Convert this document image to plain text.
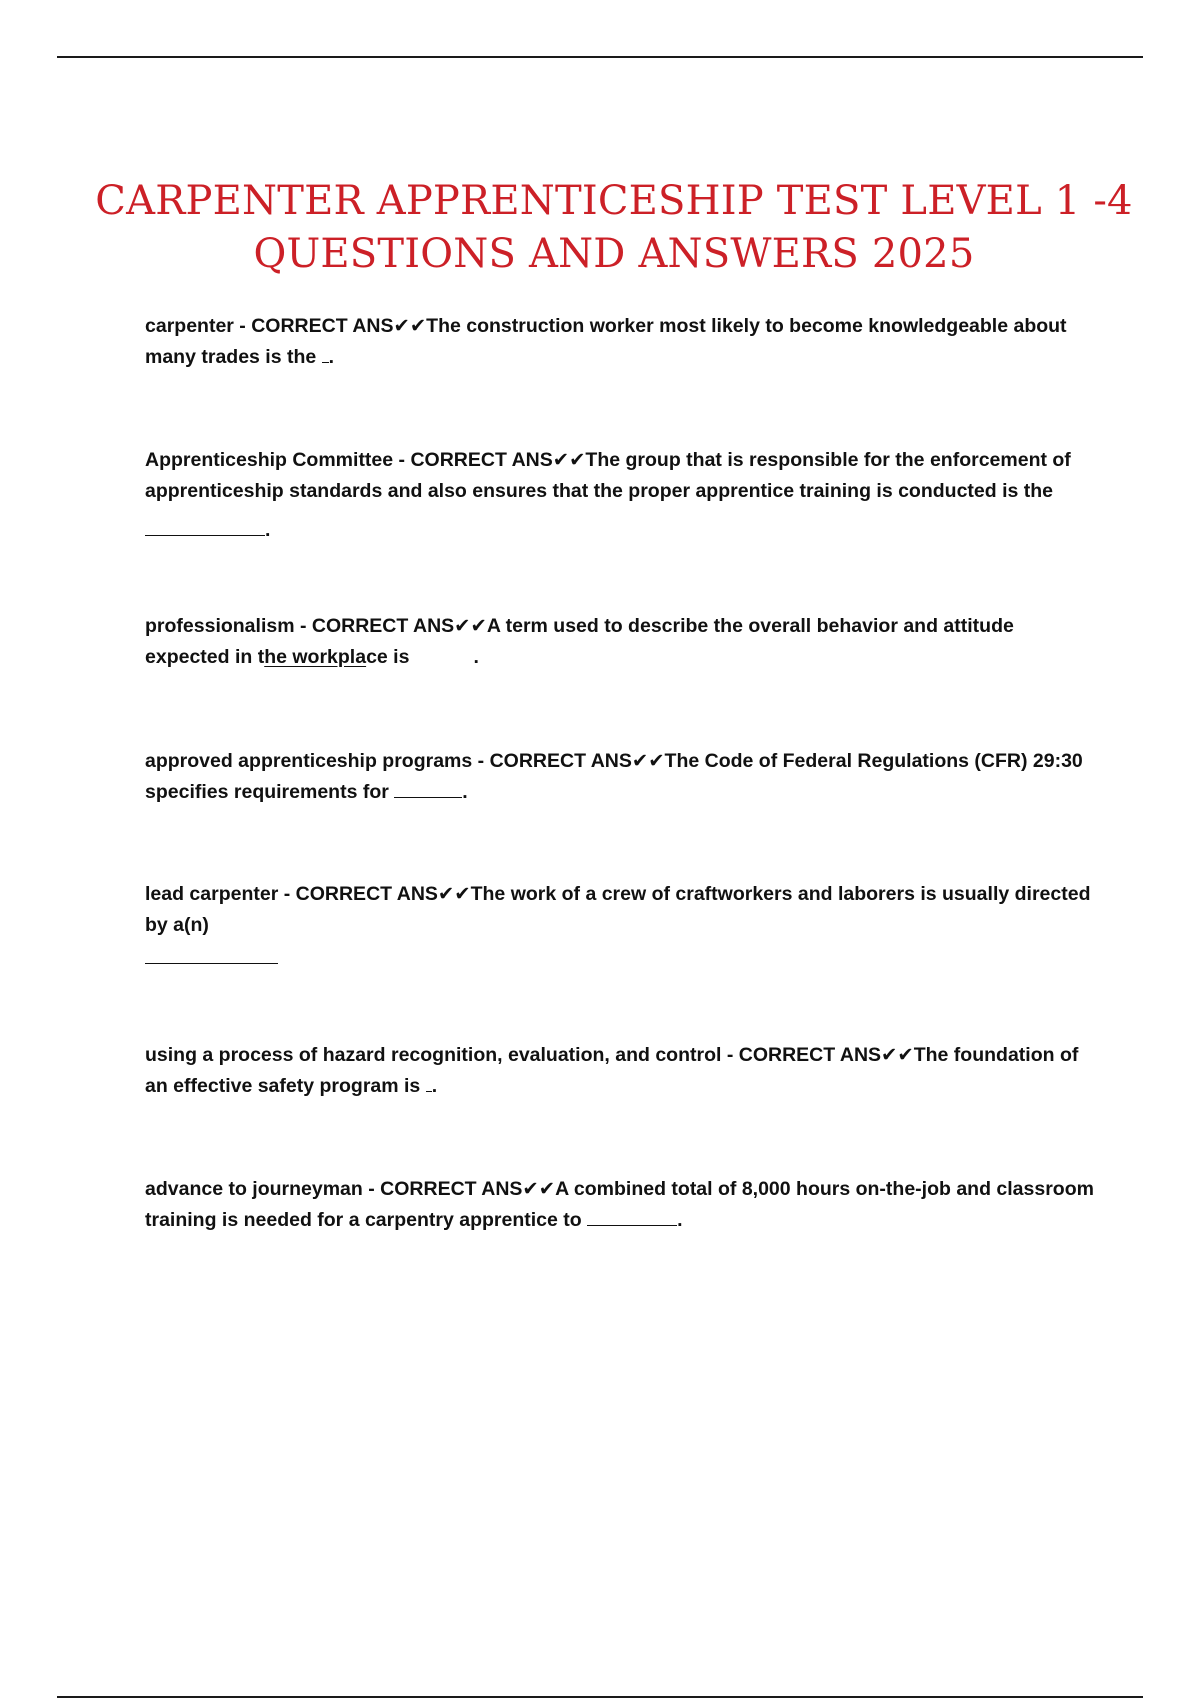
CARPENTER APPRENTICESHIP TEST LEVEL 1 -4
QUESTIONS AND ANSWERS 2025
carpenter - CORRECT ANS✔✔The construction worker most likely to become knowledgeable about many trades is the .
Apprenticeship Committee - CORRECT ANS✔✔The group that is responsible for the enforcement of apprenticeship standards and also ensures that the proper apprentice training is conducted is the
.
professionalism - CORRECT ANS✔✔A term used to describe the overall behavior and attitude expected in the workplace is	.
approved apprenticeship programs - CORRECT ANS✔✔The Code of Federal Regulations (CFR) 29:30 specifies requirements for	.
lead carpenter - CORRECT ANS✔✔The work of a crew of craftworkers and laborers is usually directed by a(n)
using a process of hazard recognition, evaluation, and control - CORRECT ANS✔✔The foundation of an effective safety program is .
advance to journeyman - CORRECT ANS✔✔A combined total of 8,000 hours on-the-job and classroom training is needed for a carpentry apprentice to	.
